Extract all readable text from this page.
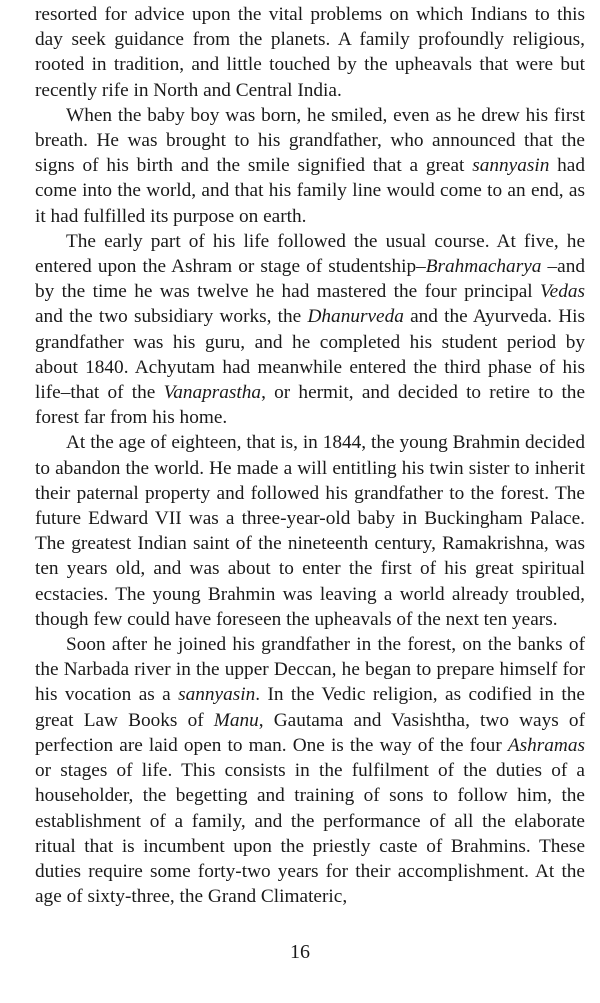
resorted for advice upon the vital problems on which Indians to this day seek guidance from the planets. A family profoundly religious, rooted in tradition, and little touched by the upheavals that were but recently rife in North and Central India.

When the baby boy was born, he smiled, even as he drew his first breath. He was brought to his grandfather, who announced that the signs of his birth and the smile signified that a great sannyasin had come into the world, and that his family line would come to an end, as it had fulfilled its purpose on earth.

The early part of his life followed the usual course. At five, he entered upon the Ashram or stage of studentship–Brahmacharya –and by the time he was twelve he had mastered the four principal Vedas and the two subsidiary works, the Dhanurveda and the Ayurveda. His grandfather was his guru, and he completed his student period by about 1840. Achyutam had meanwhile entered the third phase of his life–that of the Vanaprastha, or hermit, and decided to retire to the forest far from his home.

At the age of eighteen, that is, in 1844, the young Brahmin decided to abandon the world. He made a will entitling his twin sister to inherit their paternal property and followed his grandfather to the forest. The future Edward VII was a three-year-old baby in Buckingham Palace. The greatest Indian saint of the nineteenth century, Ramakrishna, was ten years old, and was about to enter the first of his great spiritual ecstacies. The young Brahmin was leaving a world already troubled, though few could have foreseen the upheavals of the next ten years.

Soon after he joined his grandfather in the forest, on the banks of the Narbada river in the upper Deccan, he began to prepare himself for his vocation as a sannyasin. In the Vedic religion, as codified in the great Law Books of Manu, Gautama and Vasishtha, two ways of perfection are laid open to man. One is the way of the four Ashramas or stages of life. This consists in the fulfilment of the duties of a householder, the begetting and training of sons to follow him, the establishment of a family, and the performance of all the elaborate ritual that is incumbent upon the priestly caste of Brahmins. These duties require some forty-two years for their accomplishment. At the age of sixty-three, the Grand Climateric,

16
